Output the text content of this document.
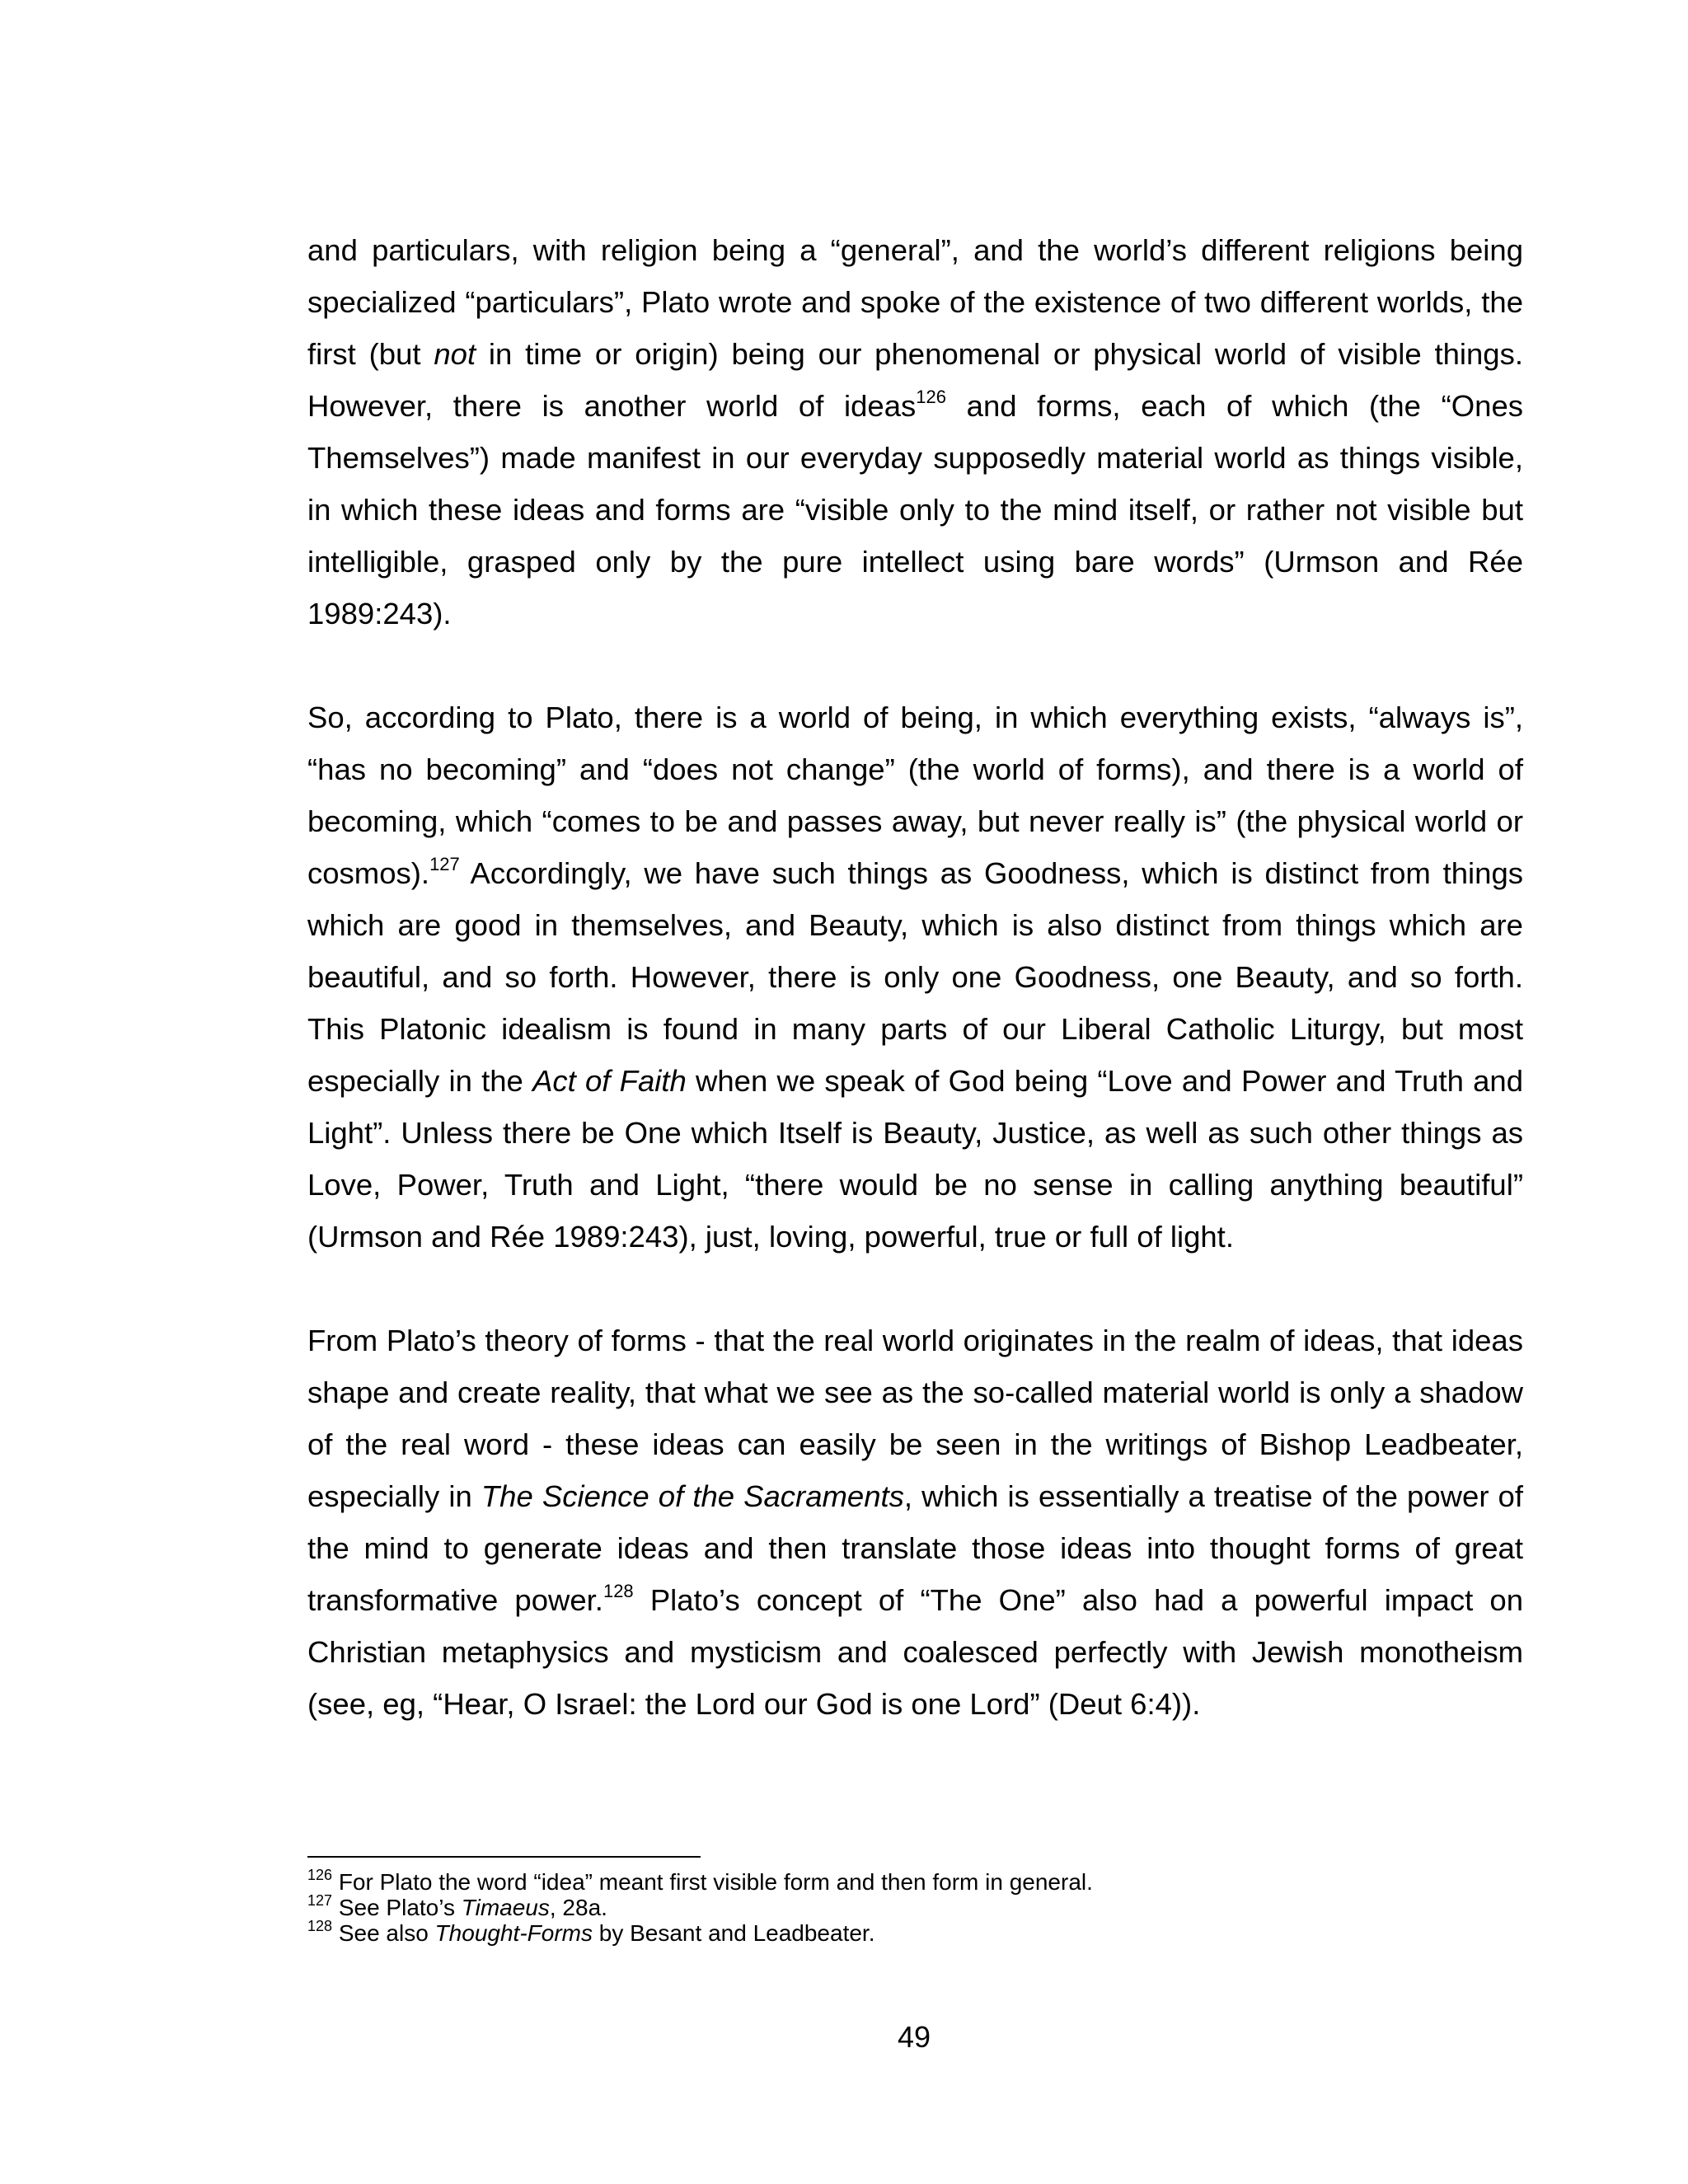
and particulars, with religion being a “general”, and the world’s different religions being specialized “particulars”, Plato wrote and spoke of the existence of two different worlds, the first (but not in time or origin) being our phenomenal or physical world of visible things. However, there is another world of ideas$^{126}$ and forms, each of which (the “Ones Themselves”) made manifest in our everyday supposedly material world as things visible, in which these ideas and forms are “visible only to the mind itself, or rather not visible but intelligible, grasped only by the pure intellect using bare words” (Urmson and Rée 1989:243).

So, according to Plato, there is a world of being, in which everything exists, “always is”, “has no becoming” and “does not change” (the world of forms), and there is a world of becoming, which “comes to be and passes away, but never really is” (the physical world or cosmos).$^{127}$ Accordingly, we have such things as Goodness, which is distinct from things which are good in themselves, and Beauty, which is also distinct from things which are beautiful, and so forth. However, there is only one Goodness, one Beauty, and so forth. This Platonic idealism is found in many parts of our Liberal Catholic Liturgy, but most especially in the Act of Faith when we speak of God being “Love and Power and Truth and Light”. Unless there be One which Itself is Beauty, Justice, as well as such other things as Love, Power, Truth and Light, “there would be no sense in calling anything beautiful” (Urmson and Rée 1989:243), just, loving, powerful, true or full of light.

From Plato’s theory of forms - that the real world originates in the realm of ideas, that ideas shape and create reality, that what we see as the so-called material world is only a shadow of the real word - these ideas can easily be seen in the writings of Bishop Leadbeater, especially in The Science of the Sacraments, which is essentially a treatise of the power of the mind to generate ideas and then translate those ideas into thought forms of great transformative power.$^{128}$ Plato’s concept of “The One” also had a powerful impact on Christian metaphysics and mysticism and coalesced perfectly with Jewish monotheism (see, eg, “Hear, O Israel: the Lord our God is one Lord” (Deut 6:4)).

$^{126}$ For Plato the word “idea” meant first visible form and then form in general.
$^{127}$ See Plato’s Timaeus, 28a.
$^{128}$ See also Thought-Forms by Besant and Leadbeater.
49
